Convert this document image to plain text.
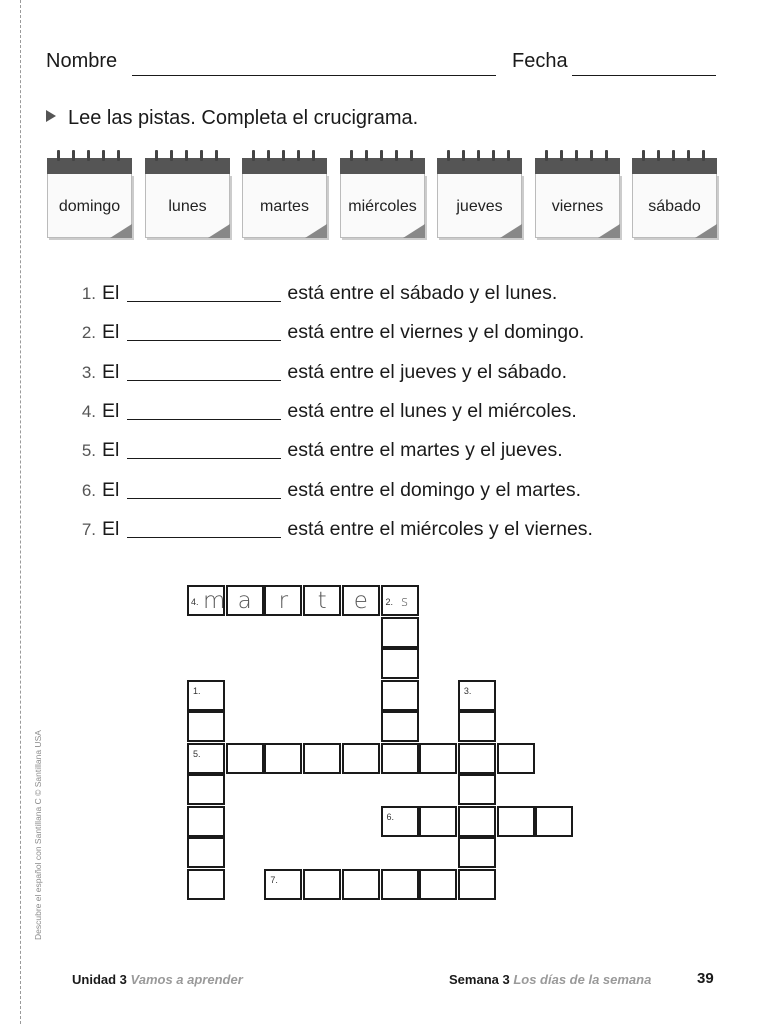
Descubre el español con Santillana C © Santillana USA
Nombre	Fecha
Lee las pistas. Completa el crucigrama.
domingo	lunes	martes	miércoles	jueves	viernes	sábado
1. El	está entre el sábado y el lunes.
2. El	está entre el viernes y el domingo.
3. El	está entre el jueves y el sábado.
4. El	está entre el lunes y el miércoles.
5. El	está entre el martes y el jueves.
6. El	está entre el domingo y el martes.
7. El	está entre el miércoles y el viernes.
4. m a	r	t	e	2. s
1.	3.
5.
6.
7.
Unidad 3 Vamos a aprender	Semana 3 Los días de la semana	39
